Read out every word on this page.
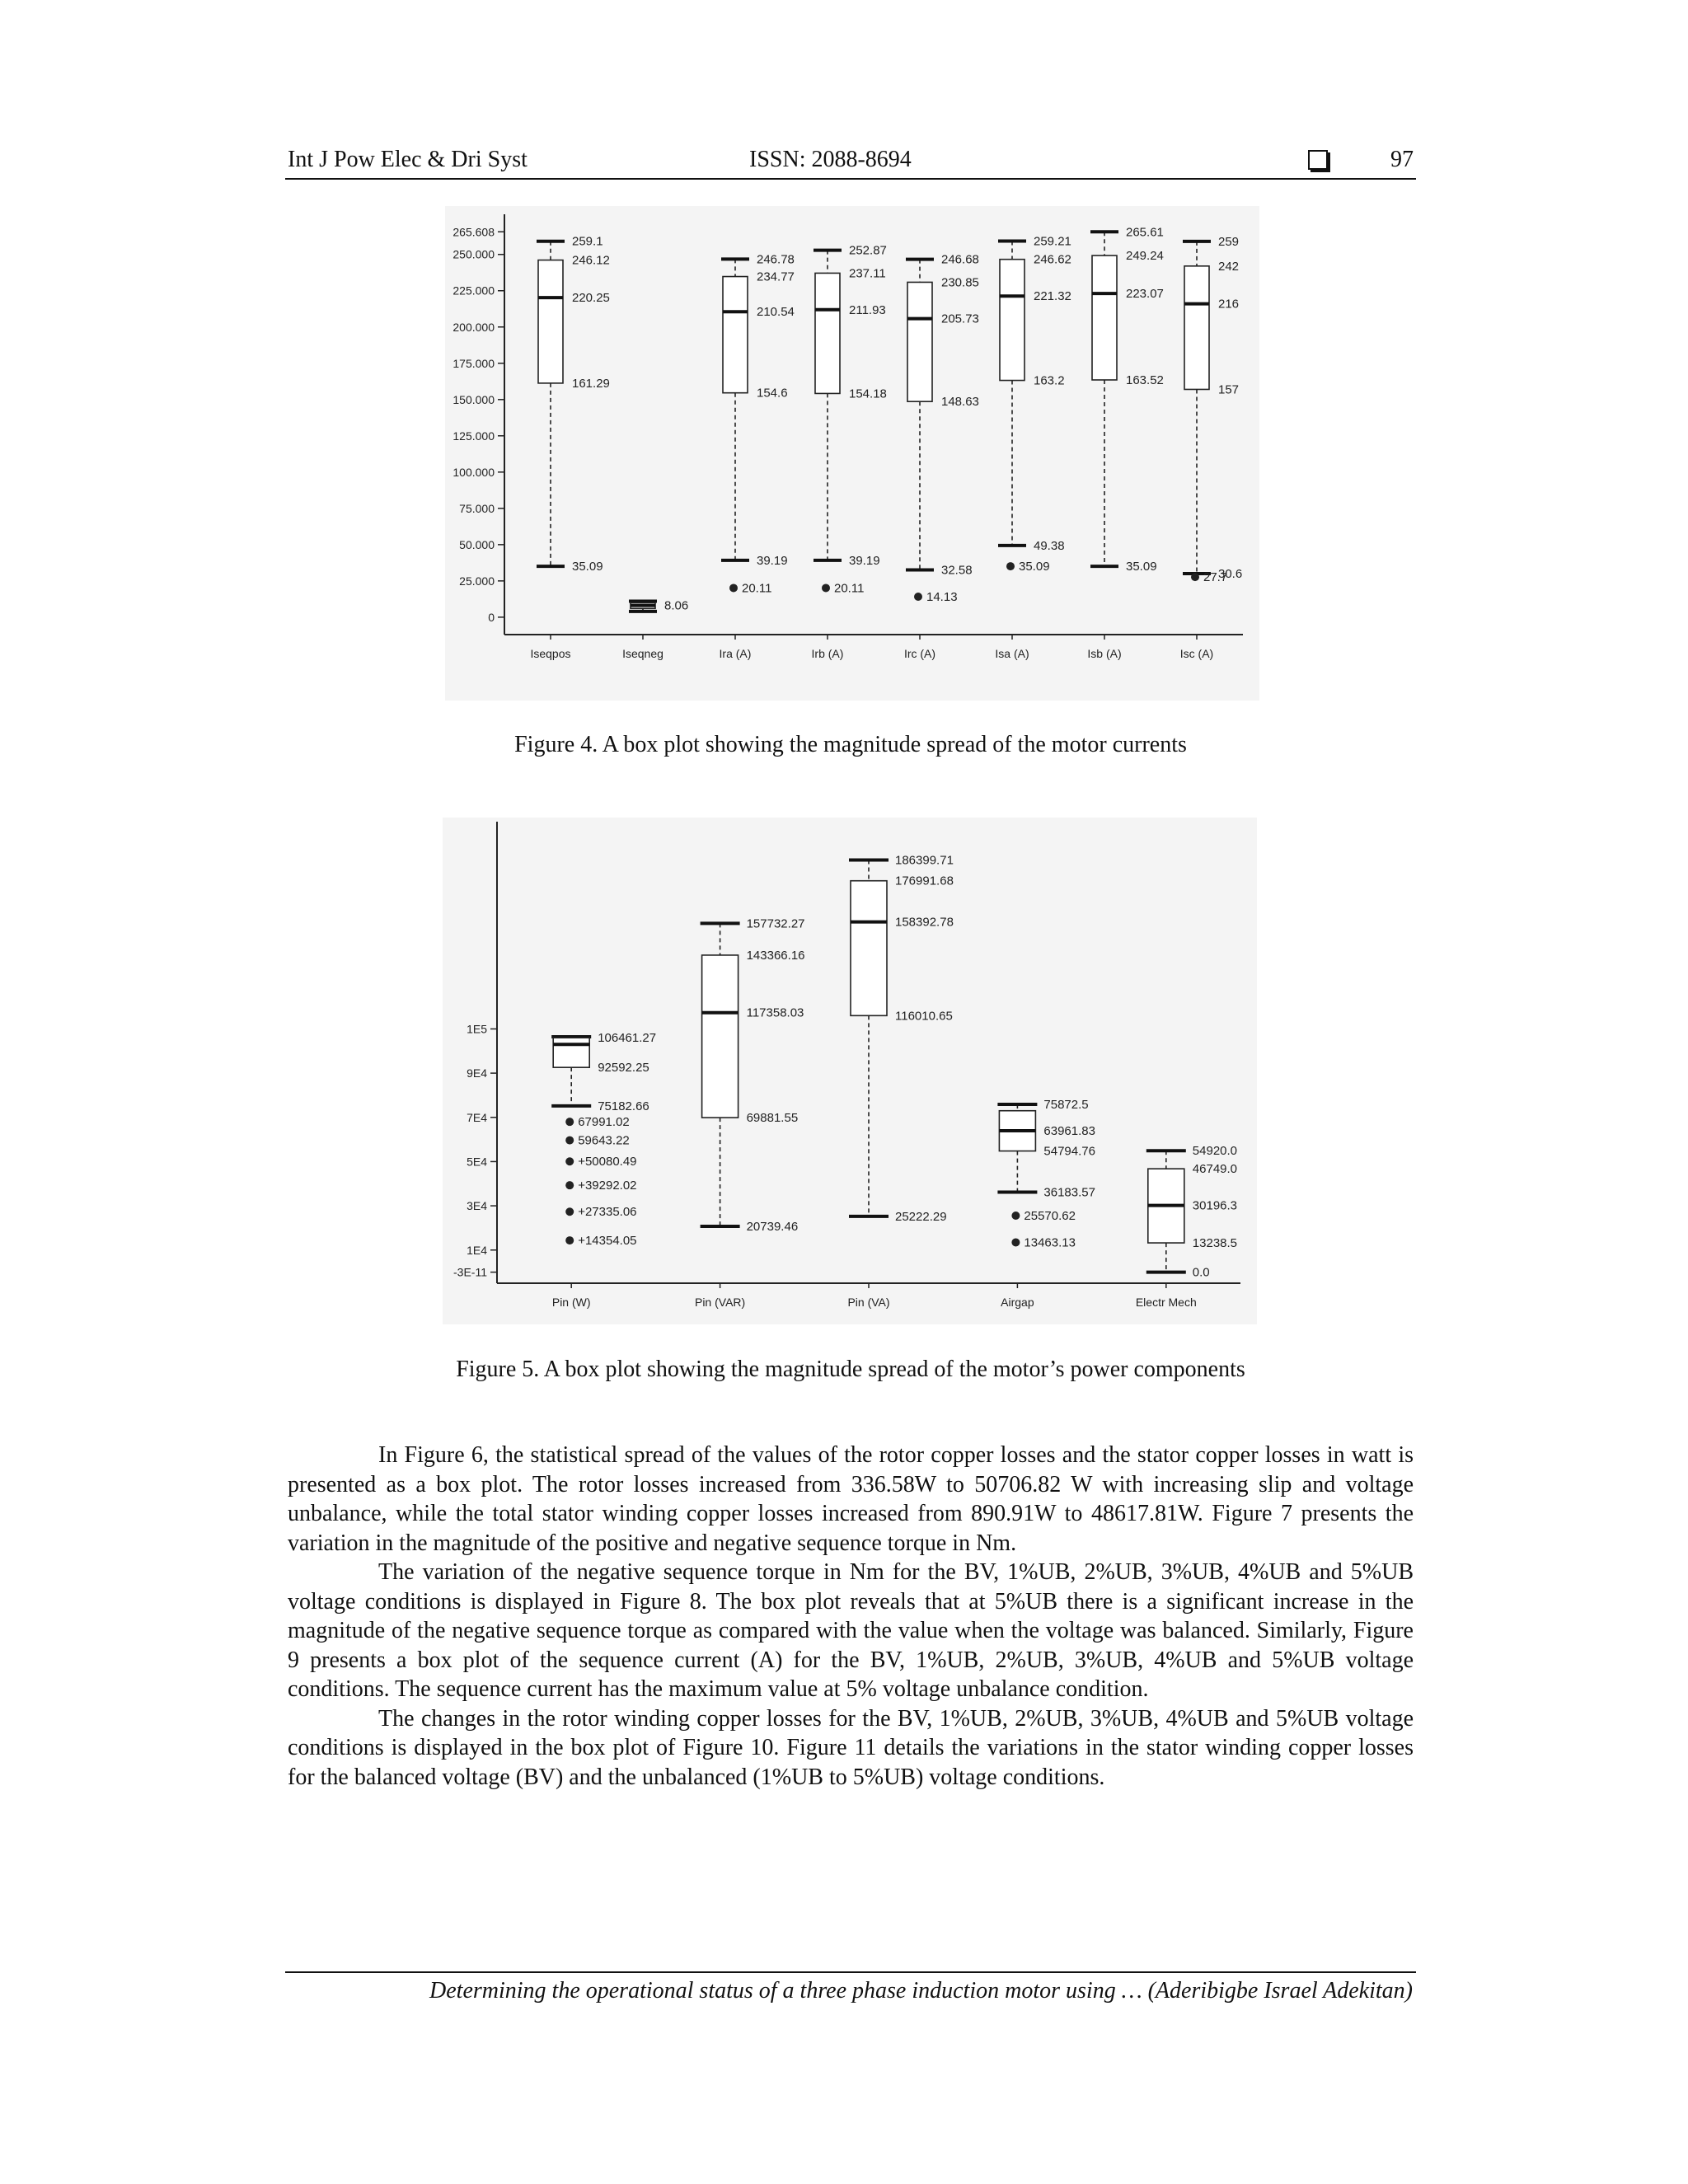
Int J Pow Elec & Dri Syst	ISSN: 2088-8694	97
0
25.000
50.000
75.000
100.000
125.000
150.000
175.000
200.000
225.000
250.000
265.608
Iseqpos	Iseqneg	Ira (A)	Irb (A)	Irc (A)	Isa (A)	Isb (A)	Isc (A)
259.1
246.12
220.25
161.29
35.09
8.06
20.11
246.78
234.77
210.54
154.6
39.19
20.11
252.87
237.11
211.93
154.18
39.19
14.13
246.68
230.85
205.73
148.63
32.58	35.09
259.21
246.62
221.32
163.2
49.38
265.61
249.24
223.07
163.52
35.09
27.7
259
242
216
157
30.6
Figure 4. A box plot showing the magnitude spread of the motor currents
-3E-11
1E4
3E4
5E4
7E4
9E4
1E5
Pin (W)	Pin (VAR)	Pin (VA)	Airgap	Electr Mech
67991.02
59643.22
+50080.49
+39292.02
+27335.06
+14354.05
106461.27
92592.25
75182.66
157732.27
143366.16
117358.03
69881.55
20739.46
186399.71
176991.68
158392.78
116010.65
25222.29	25570.62
13463.13
75872.5
63961.83
54794.76
36183.57
54920.0
46749.0
30196.3
13238.5
0.0
Figure 5. A box plot showing the magnitude spread of the motor’s power components

In Figure 6, the statistical spread of the values of the rotor copper losses and the stator copper losses in watt is presented as a box plot. The rotor losses increased from 336.58W to 50706.82 W with increasing slip and voltage unbalance, while the total stator winding copper losses increased from 890.91W to 48617.81W. Figure 7 presents the variation in the magnitude of the positive and negative sequence torque in Nm.

The variation of the negative sequence torque in Nm for the BV, 1%UB, 2%UB, 3%UB, 4%UB and 5%UB voltage conditions is displayed in Figure 8. The box plot reveals that at 5%UB there is a significant increase in the magnitude of the negative sequence torque as compared with the value when the voltage was balanced. Similarly, Figure 9 presents a box plot of the sequence current (A) for the BV, 1%UB, 2%UB, 3%UB, 4%UB and 5%UB voltage conditions. The sequence current has the maximum value at 5% voltage unbalance condition.

The changes in the rotor winding copper losses for the BV, 1%UB, 2%UB, 3%UB, 4%UB and 5%UB voltage conditions is displayed in the box plot of Figure 10. Figure 11 details the variations in the stator winding copper losses for the balanced voltage (BV) and the unbalanced (1%UB to 5%UB) voltage conditions.

Determining the operational status of a three phase induction motor using … (Aderibigbe Israel Adekitan)
